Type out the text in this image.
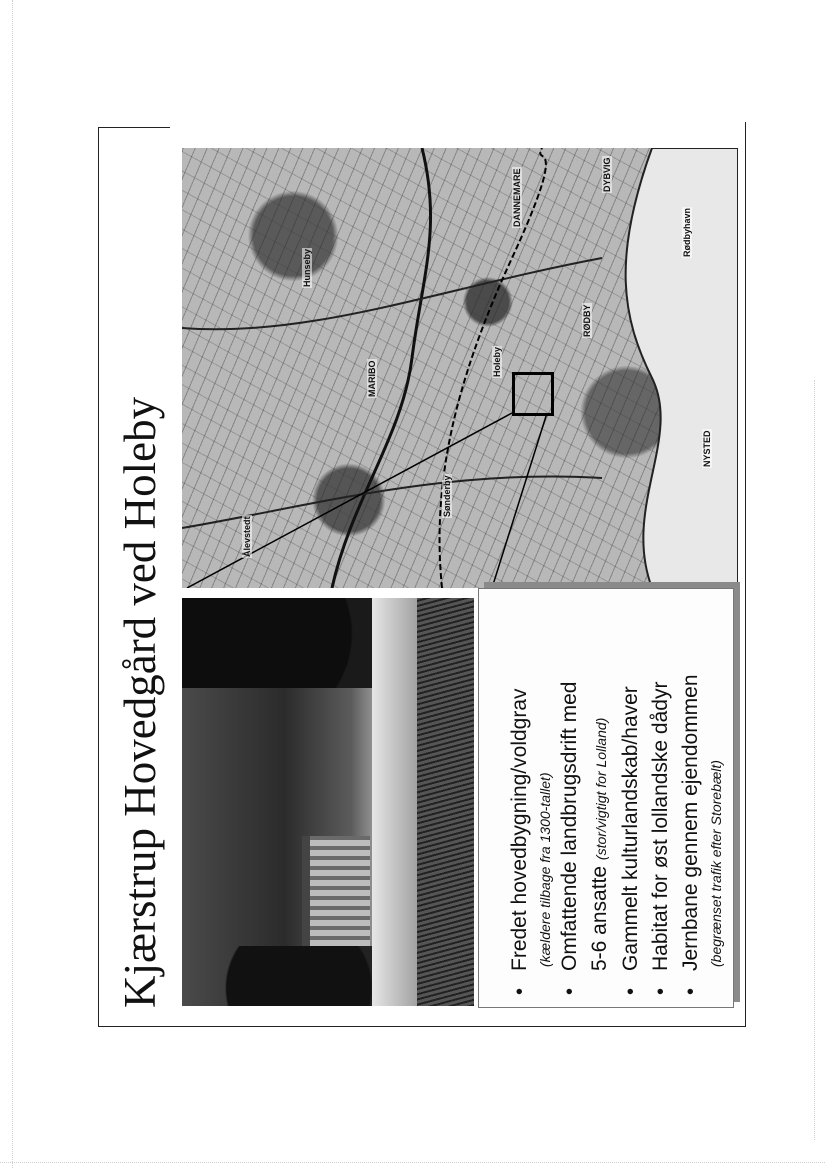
Kjærstrup Hovedgård ved Holeby
MARIBO
RØDBY
Holeby
NYSTED
Rødbyhavn
DANNEMARE	DYBVIG
Hunseby
Sønderby
Ålevstedt
• Fredet hovedbygning/voldgrav (kældere tilbage fra 1300-tallet) • Omfattende landbrugsdrift med 5-6 ansatte (stor/vigtigt for Lolland) • Gammelt kulturlandskab/haver • Habitat for øst lollandske dådyr • Jernbane gennem ejendommen (begrænset trafik efter Storebælt)
